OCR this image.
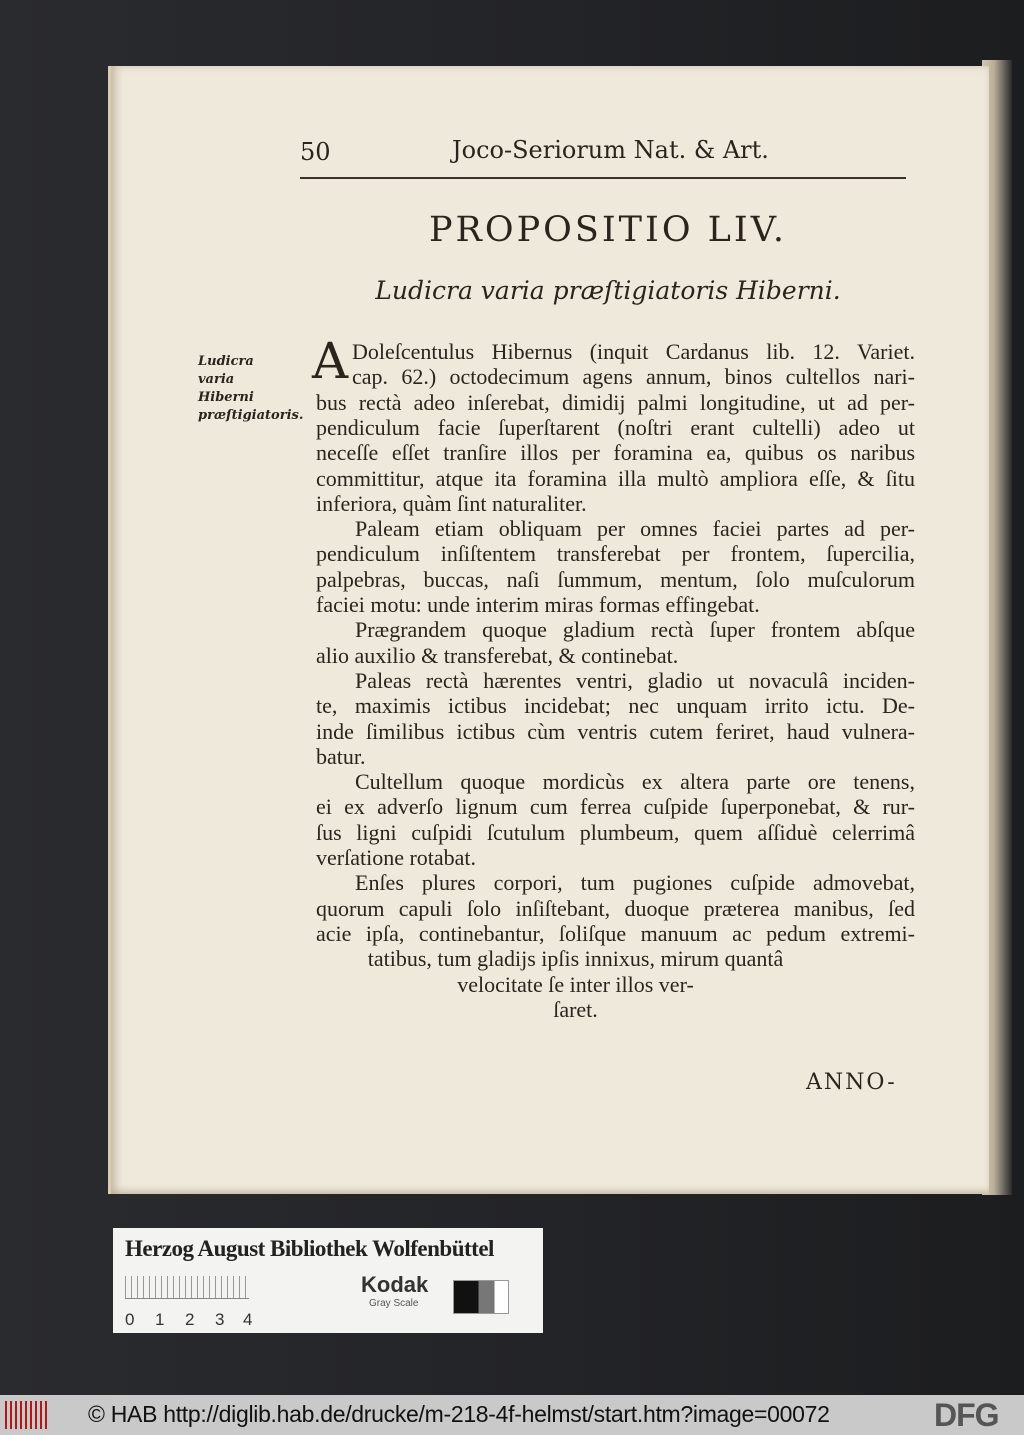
50	Joco-Seriorum Nat. & Art.
PROPOSITIO LIV.
Ludicra varia præſtigiatoris Hiberni.
Ludicra varia Hiberni præſtigiatoris.
A Doleſcentulus Hibernus (inquit Cardanus lib. 12. Variet.
cap. 62.) octodecimum agens annum, binos cultellos nari-
bus rectà adeo inſerebat, dimidij palmi longitudine, ut ad per-
pendiculum facie ſuperſtarent (noſtri erant cultelli) adeo ut
neceſſe eſſet tranſire illos per foramina ea, quibus os naribus
committitur, atque ita foramina illa multò ampliora eſſe, & ſitu
inferiora, quàm ſint naturaliter.
Paleam etiam obliquam per omnes faciei partes ad per-
pendiculum inſiſtentem transferebat per frontem, ſupercilia,
palpebras, buccas, naſi ſummum, mentum, ſolo muſculorum
faciei motu: unde interim miras formas effingebat.
Prægrandem quoque gladium rectà ſuper frontem abſque
alio auxilio & transferebat, & continebat.
Paleas rectà hærentes ventri, gladio ut novaculâ inciden-
te, maximis ictibus incidebat; nec unquam irrito ictu. De-
inde ſimilibus ictibus cùm ventris cutem feriret, haud vulnera-
batur.
Cultellum quoque mordicùs ex altera parte ore tenens,
ei ex adverſo lignum cum ferrea cuſpide ſuperponebat, & rur-
ſus ligni cuſpidi ſcutulum plumbeum, quem aſſiduè celerrimâ
verſatione rotabat.
Enſes plures corpori, tum pugiones cuſpide admovebat,
quorum capuli ſolo inſiſtebant, duoque præterea manibus, ſed
acie ipſa, continebantur, ſoliſque manuum ac pedum extremi-
tatibus, tum gladijs ipſis innixus, mirum quantâ
velocitate ſe inter illos ver-
ſaret.
ANNO-
Herzog August Bibliothek Wolfenbüttel
0 1 2 3 4
Kodak
Gray Scale
© HAB http://diglib.hab.de/drucke/m-218-4f-helmst/start.htm?image=00072	DFG
